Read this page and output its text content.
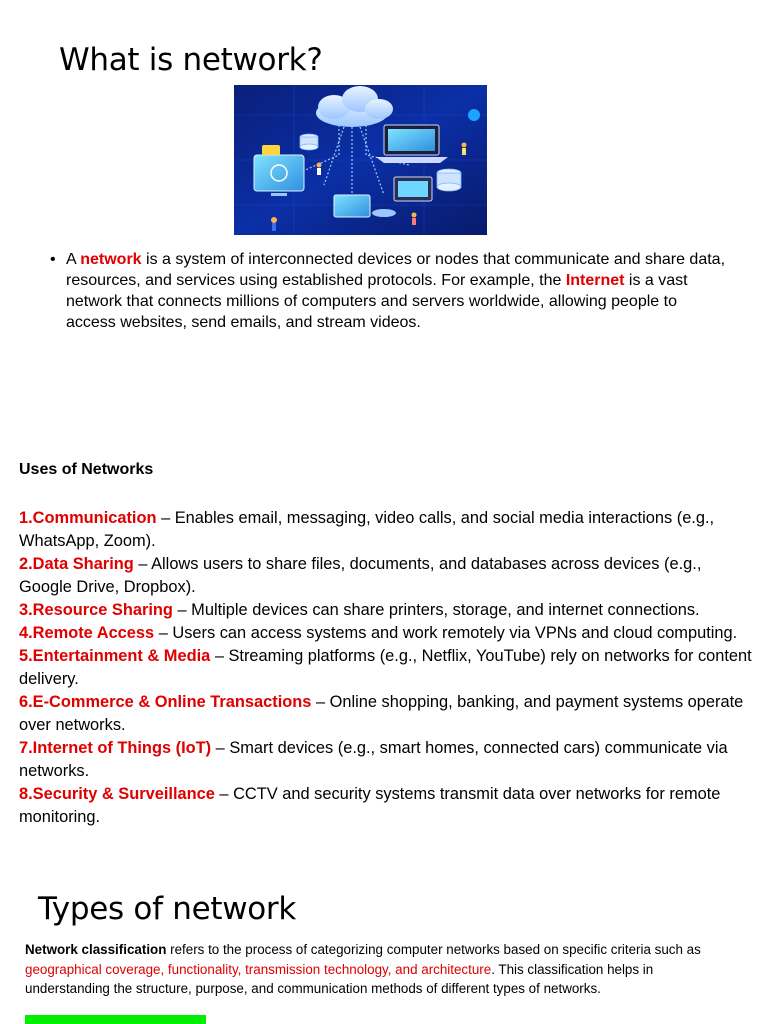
What is network?
• A network is a system of interconnected devices or nodes that communicate and share data, resources, and services using established protocols. For example, the Internet is a vast network that connects millions of computers and servers worldwide, allowing people to access websites, send emails, and stream videos.
Uses of Networks
1.Communication – Enables email, messaging, video calls, and social media interactions (e.g., WhatsApp, Zoom).
2.Data Sharing – Allows users to share files, documents, and databases across devices (e.g., Google Drive, Dropbox).
3.Resource Sharing – Multiple devices can share printers, storage, and internet connections.
4.Remote Access – Users can access systems and work remotely via VPNs and cloud computing.
5.Entertainment & Media – Streaming platforms (e.g., Netflix, YouTube) rely on networks for content delivery.
6.E-Commerce & Online Transactions – Online shopping, banking, and payment systems operate over networks.
7.Internet of Things (IoT) – Smart devices (e.g., smart homes, connected cars) communicate via networks.
8.Security & Surveillance – CCTV and security systems transmit data over networks for remote monitoring.
Types of network
Network classification refers to the process of categorizing computer networks based on specific criteria such as geographical coverage, functionality, transmission technology, and architecture. This classification helps in understanding the structure, purpose, and communication methods of different types of networks.
